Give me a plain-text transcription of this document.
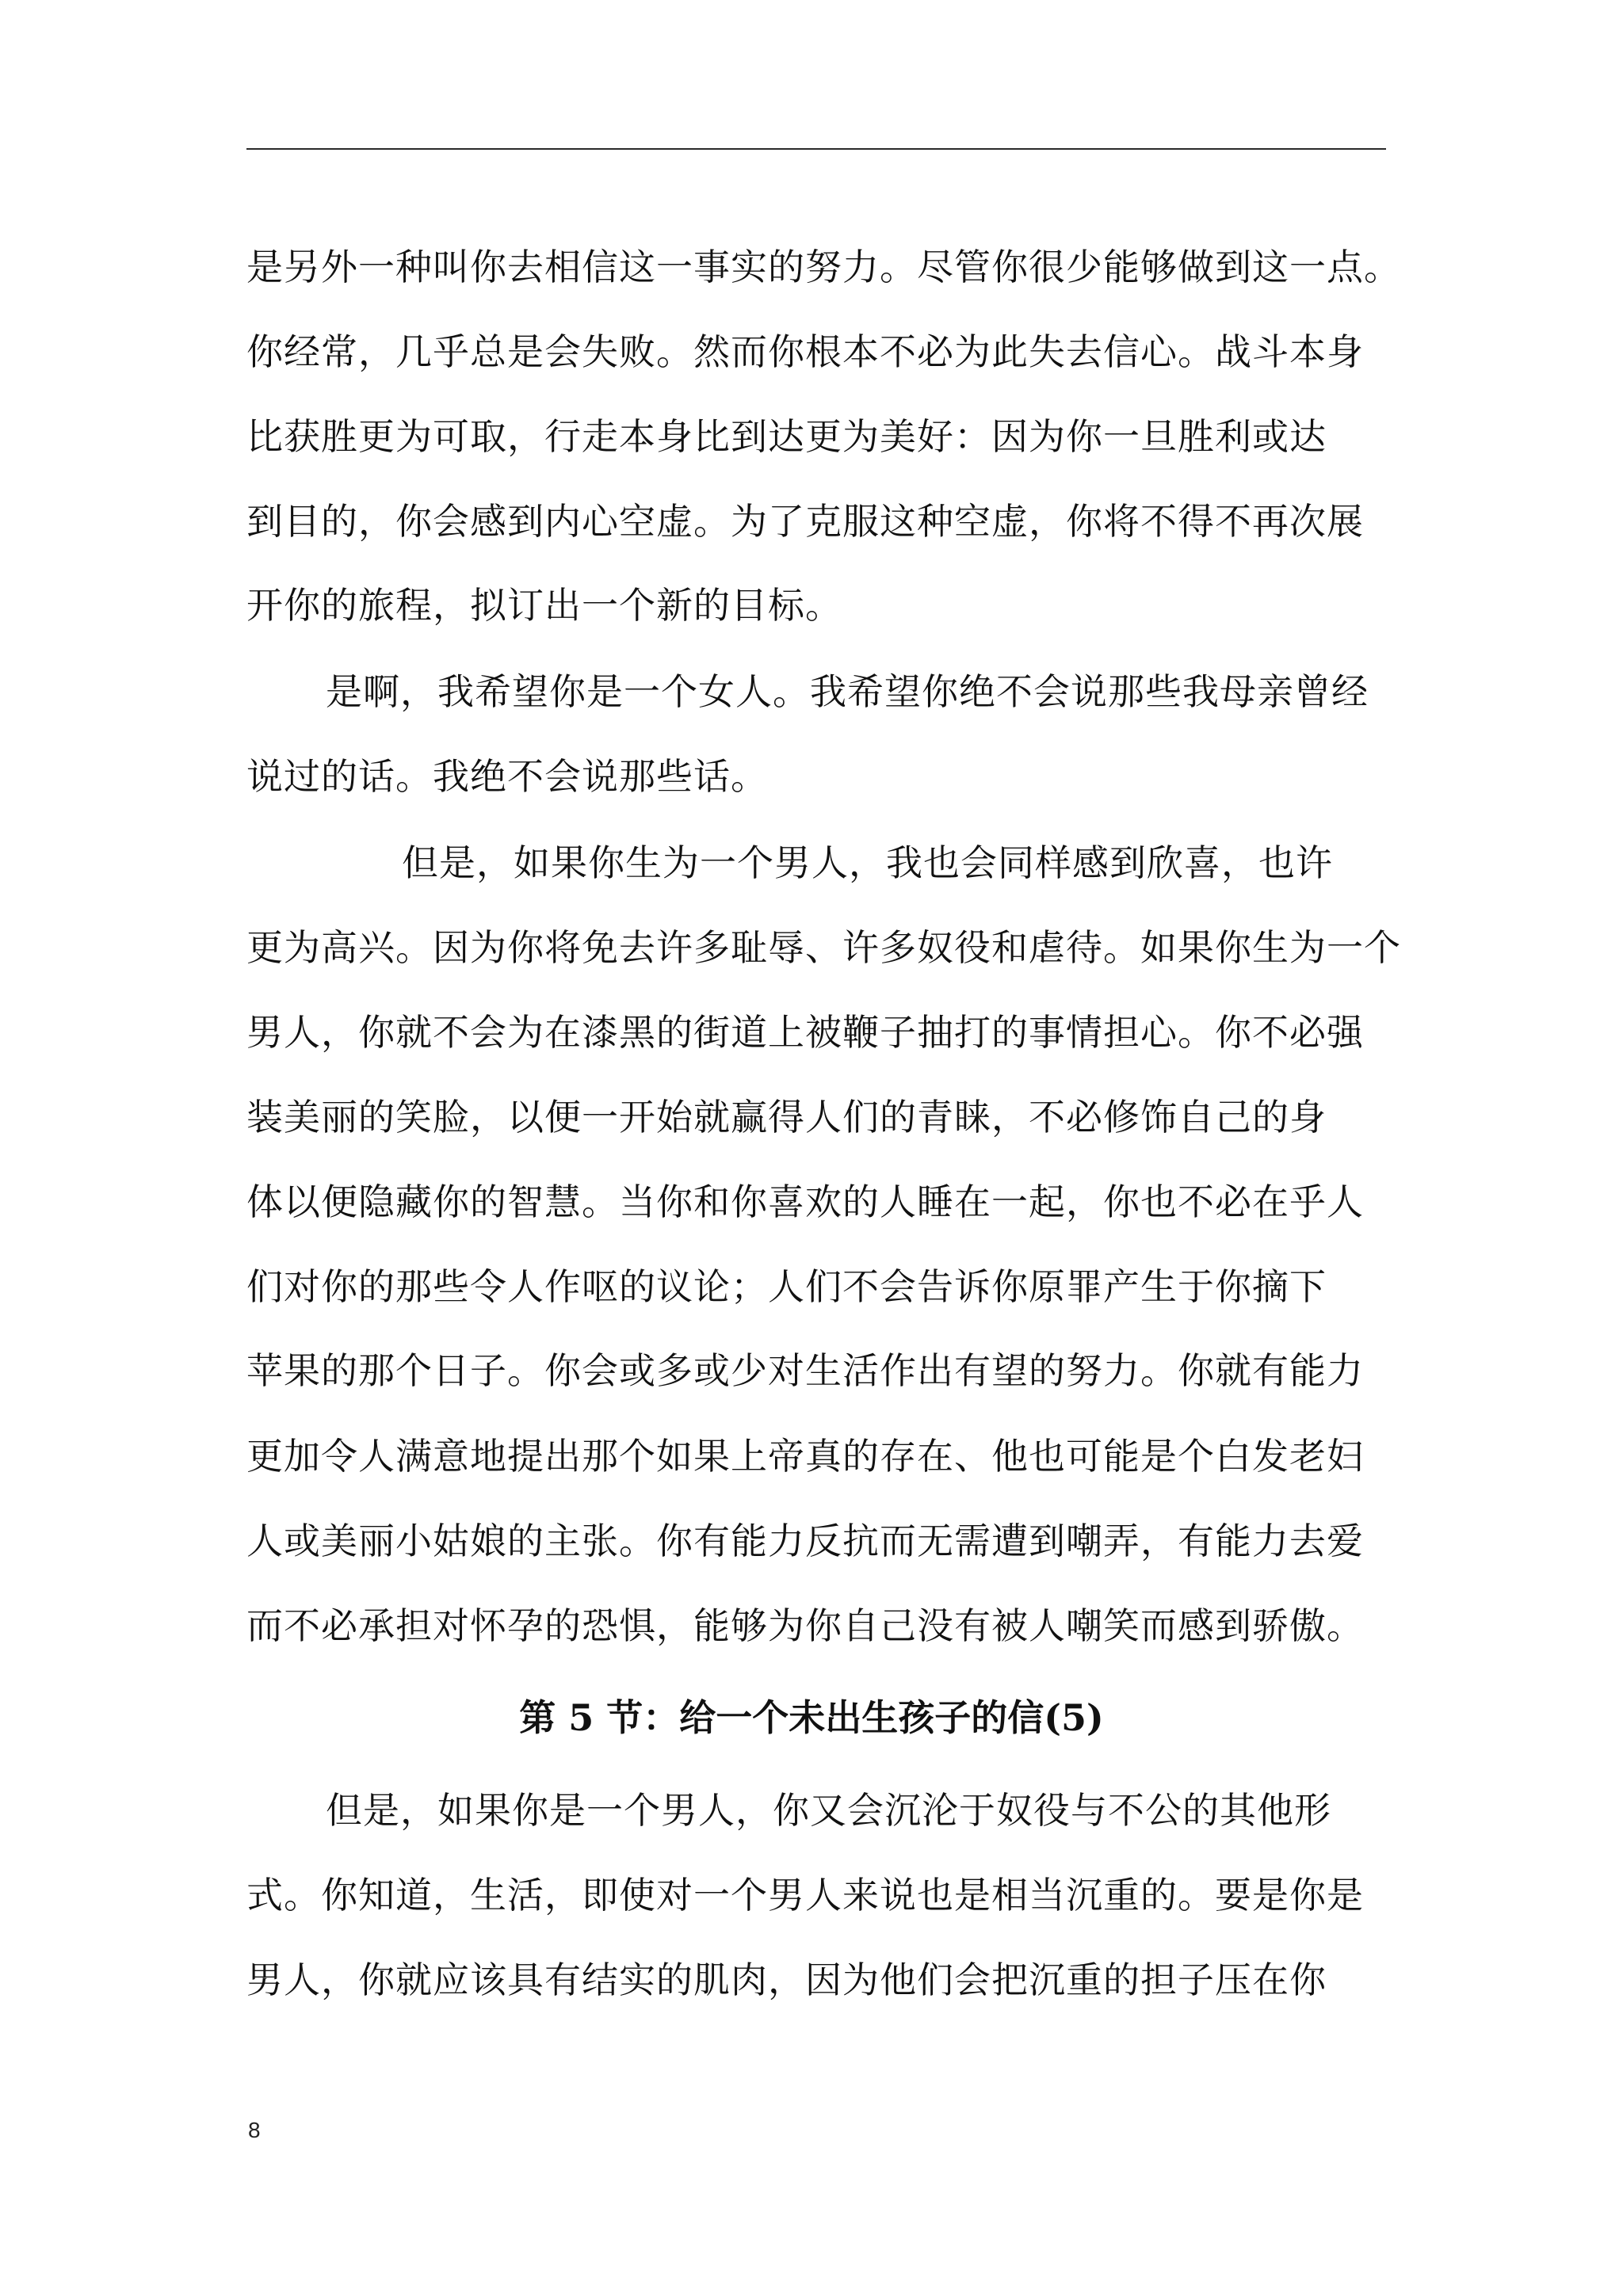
是另外一种叫你去相信这一事实的努力。尽管你很少能够做到这一点。
你经常，几乎总是会失败。然而你根本不必为此失去信心。战斗本身
比获胜更为可取，行走本身比到达更为美好：因为你一旦胜利或达
到目的，你会感到内心空虚。为了克服这种空虚，你将不得不再次展
开你的旅程，拟订出一个新的目标。
是啊，我希望你是一个女人。我希望你绝不会说那些我母亲曾经
说过的话。我绝不会说那些话。
但是，如果你生为一个男人，我也会同样感到欣喜，也许
更为高兴。因为你将免去许多耻辱、许多奴役和虐待。如果你生为一个
男人，你就不会为在漆黑的街道上被鞭子抽打的事情担心。你不必强
装美丽的笑脸，以便一开始就赢得人们的青睐，不必修饰自己的身
体以便隐藏你的智慧。当你和你喜欢的人睡在一起，你也不必在乎人
们对你的那些令人作呕的议论；人们不会告诉你原罪产生于你摘下
苹果的那个日子。你会或多或少对生活作出有望的努力。你就有能力
更加令人满意地提出那个如果上帝真的存在、他也可能是个白发老妇
人或美丽小姑娘的主张。你有能力反抗而无需遭到嘲弄，有能力去爱
而不必承担对怀孕的恐惧，能够为你自己没有被人嘲笑而感到骄傲。
第 5 节：给一个未出生孩子的信(5)
但是，如果你是一个男人，你又会沉沦于奴役与不公的其他形
式。你知道，生活，即使对一个男人来说也是相当沉重的。要是你是
男人，你就应该具有结实的肌肉，因为他们会把沉重的担子压在你
8
